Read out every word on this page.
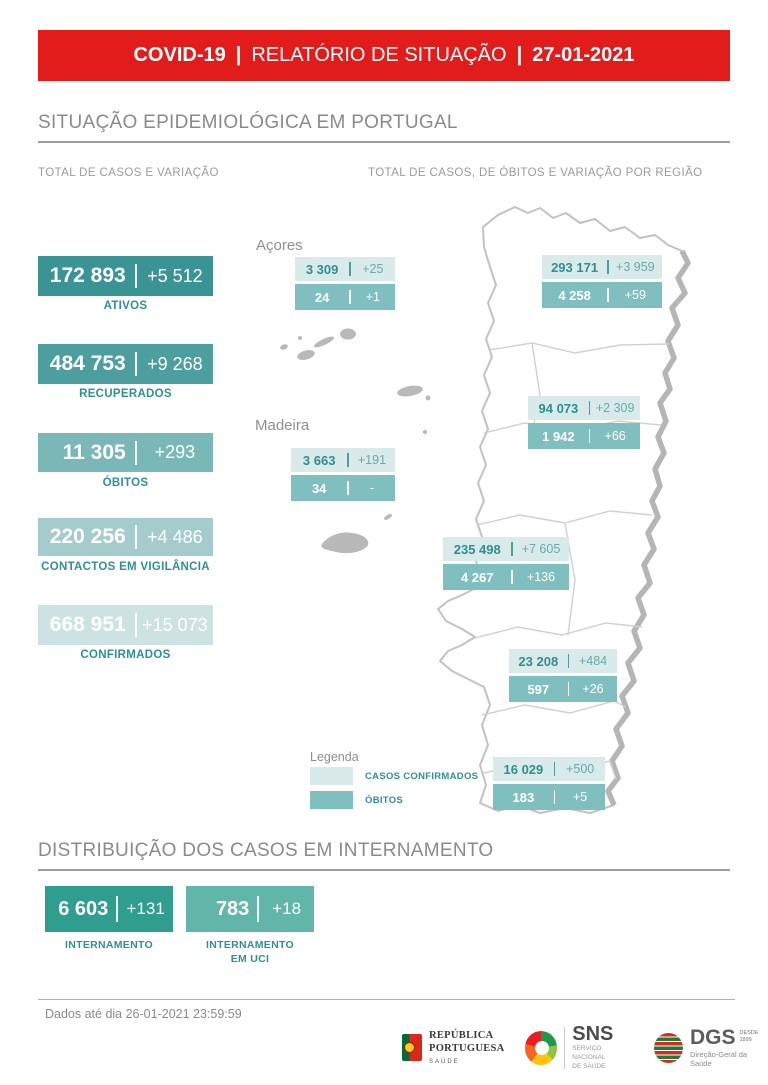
COVID-19 | RELATÓRIO DE SITUAÇÃO | 27-01-2021
SITUAÇÃO EPIDEMIOLÓGICA EM PORTUGAL
TOTAL DE CASOS E VARIAÇÃO	TOTAL DE CASOS, DE ÓBITOS E VARIAÇÃO POR REGIÃO
172 893	+5 512
ATIVOS
484 753	+9 268
RECUPERADOS
11 305	+293
ÓBITOS
220 256	+4 486
CONTACTOS EM VIGILÂNCIA
668 951 +15 073
CONFIRMADOS
Açores
Madeira
3 309	+25
24	+1
293 171	+3 959
4 258	+59
94 073	+2 309
1 942	+66
3 663	+191
34	-
235 498	+7 605
4 267	+136
23 208	+484
597	+26
16 029	+500
183	+5
Legenda
CASOS CONFIRMADOS
ÓBITOS
DISTRIBUIÇÃO DOS CASOS EM INTERNAMENTO
6 603	+131
INTERNAMENTO
783	+18
INTERNAMENTO
EM UCI
Dados até dia 26-01-2021 23:59:59
REPÚBLICA
PORTUGUESA
SAÚDE
SNS
SERVIÇO NACIONAL
DE SAÚDE
DGS DESDE
1899
Direção-Geral da Saúde
